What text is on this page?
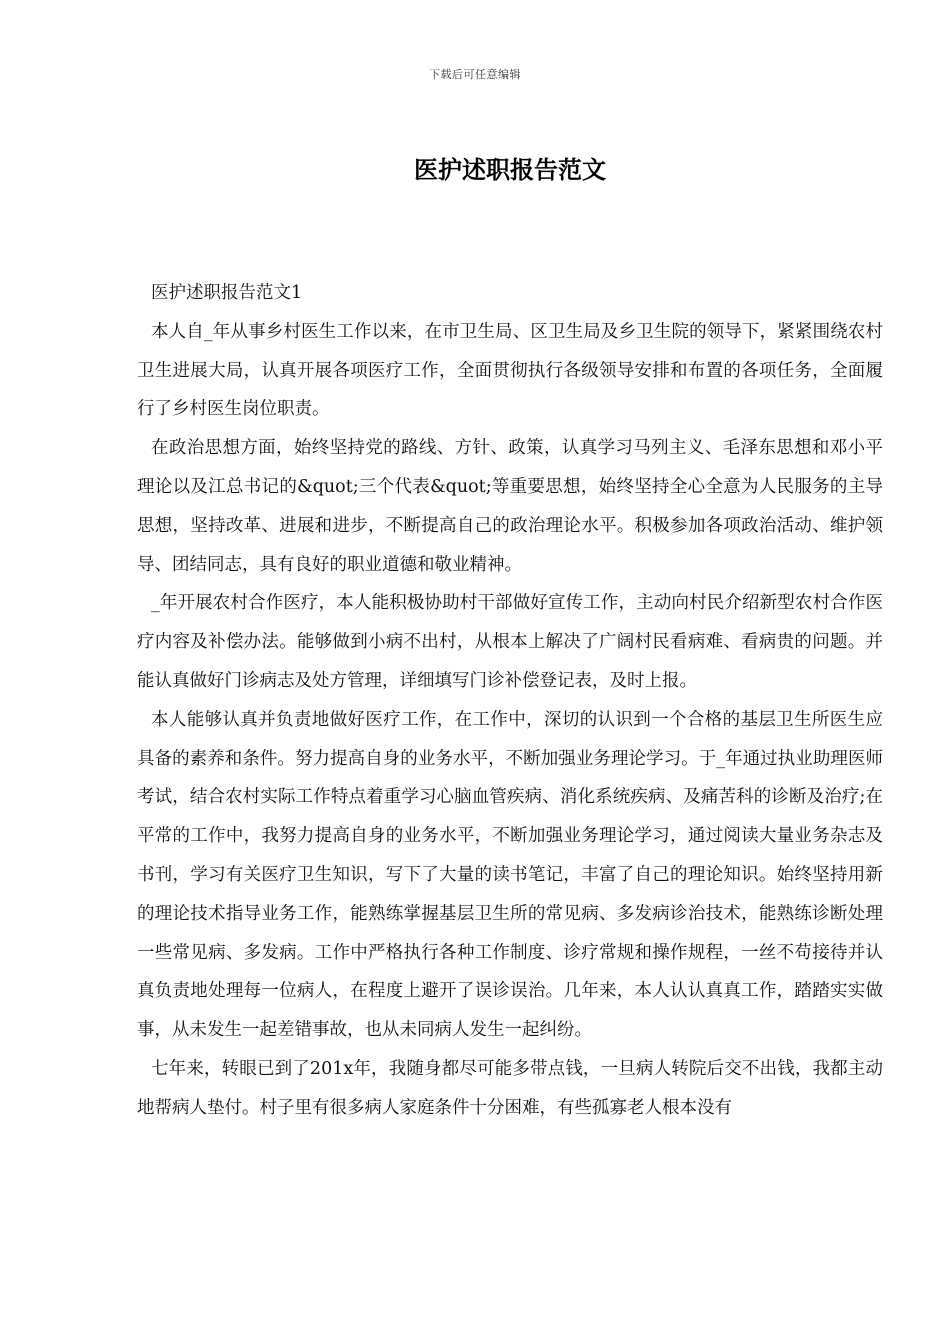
下载后可任意编辑
医护述职报告范文

医护述职报告范文1

本人自_年从事乡村医生工作以来，在市卫生局、区卫生局及乡卫生院的领导下，紧紧围绕农村卫生进展大局，认真开展各项医疗工作，全面贯彻执行各级领导安排和布置的各项任务，全面履行了乡村医生岗位职责。

在政治思想方面，始终坚持党的路线、方针、政策，认真学习马列主义、毛泽东思想和邓小平理论以及江总书记的&quot;三个代表&quot;等重要思想，始终坚持全心全意为人民服务的主导思想，坚持改革、进展和进步，不断提高自己的政治理论水平。积极参加各项政治活动、维护领导、团结同志，具有良好的职业道德和敬业精神。

_年开展农村合作医疗，本人能积极协助村干部做好宣传工作，主动向村民介绍新型农村合作医疗内容及补偿办法。能够做到小病不出村，从根本上解决了广阔村民看病难、看病贵的问题。并能认真做好门诊病志及处方管理，详细填写门诊补偿登记表，及时上报。

本人能够认真并负责地做好医疗工作，在工作中，深切的认识到一个合格的基层卫生所医生应具备的素养和条件。努力提高自身的业务水平，不断加强业务理论学习。于_年通过执业助理医师考试，结合农村实际工作特点着重学习心脑血管疾病、消化系统疾病、及痛苦科的诊断及治疗;在平常的工作中，我努力提高自身的业务水平，不断加强业务理论学习，通过阅读大量业务杂志及书刊，学习有关医疗卫生知识，写下了大量的读书笔记，丰富了自己的理论知识。始终坚持用新的理论技术指导业务工作，能熟练掌握基层卫生所的常见病、多发病诊治技术，能熟练诊断处理一些常见病、多发病。工作中严格执行各种工作制度、诊疗常规和操作规程，一丝不苟接待并认真负责地处理每一位病人，在程度上避开了误诊误治。几年来，本人认认真真工作，踏踏实实做事，从未发生一起差错事故，也从未同病人发生一起纠纷。

七年来，转眼已到了201x年，我随身都尽可能多带点钱，一旦病人转院后交不出钱，我都主动地帮病人垫付。村子里有很多病人家庭条件十分困难，有些孤寡老人根本没有
